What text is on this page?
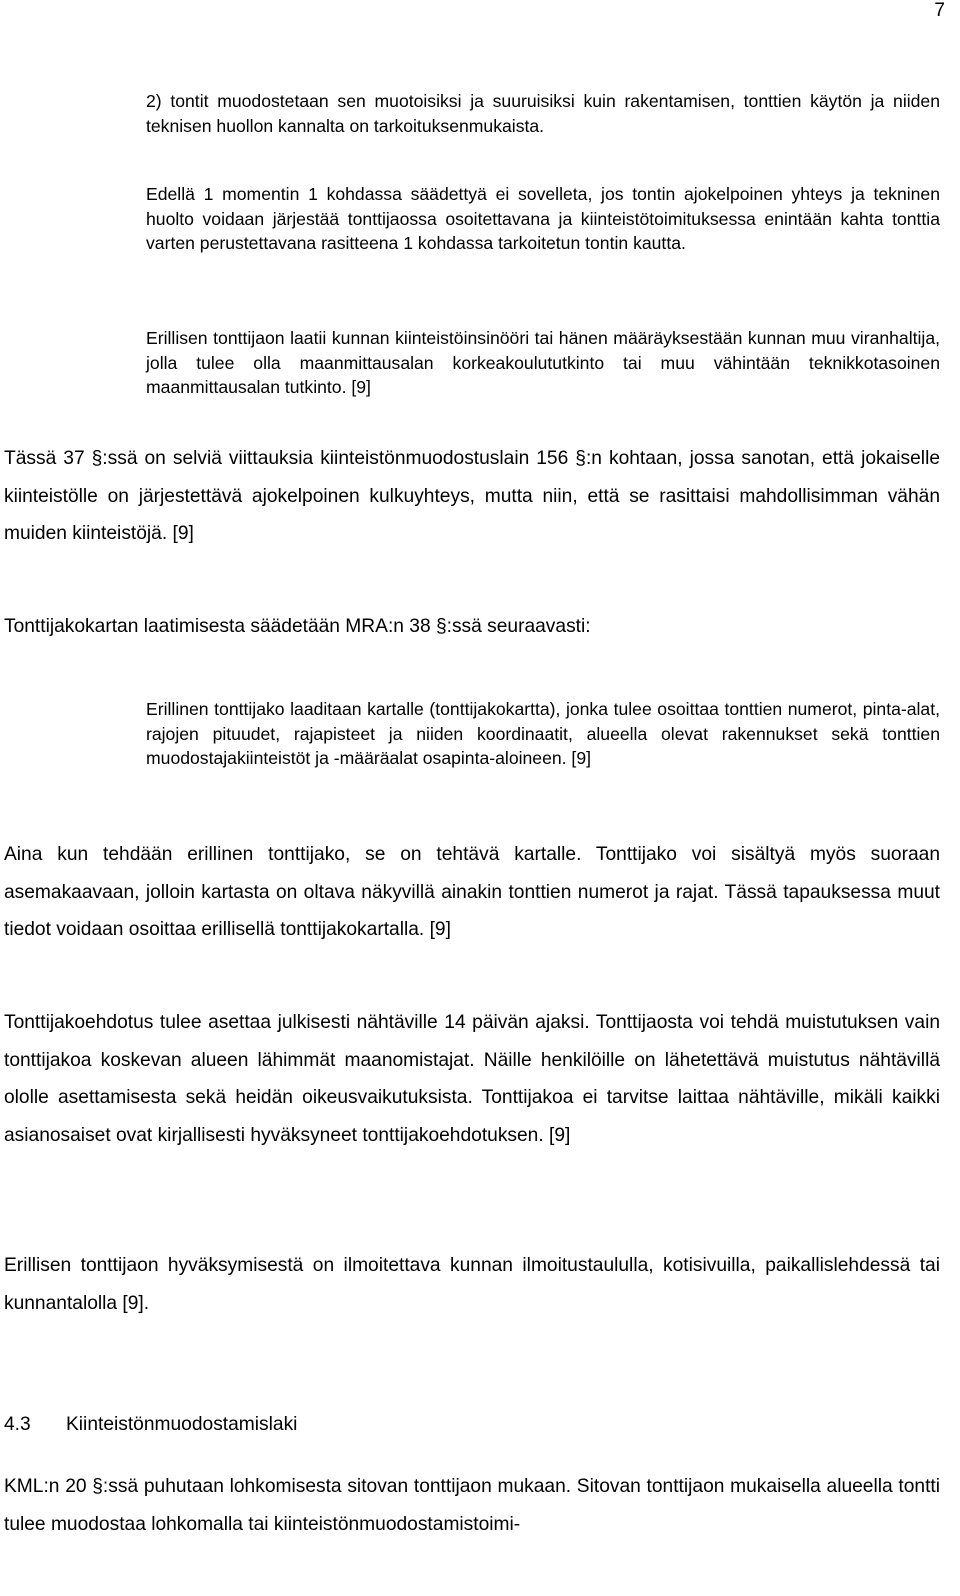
7

2) tontit muodostetaan sen muotoisiksi ja suuruisiksi kuin rakentamisen, tonttien käytön ja niiden teknisen huollon kannalta on tarkoituksenmukaista.

Edellä 1 momentin 1 kohdassa säädettyä ei sovelleta, jos tontin ajokelpoinen yhteys ja tekninen huolto voidaan järjestää tonttijaossa osoitettavana ja kiinteistötoimituksessa enintään kahta tonttia varten perustettavana rasitteena 1 kohdassa tarkoitetun tontin kautta.

Erillisen tonttijaon laatii kunnan kiinteistöinsinööri tai hänen määräyksestään kunnan muu viranhaltija, jolla tulee olla maanmittausalan korkeakoulututkinto tai muu vähintään teknikkotasoinen maanmittausalan tutkinto. [9]

Tässä 37 §:ssä on selviä viittauksia kiinteistönmuodostuslain 156 §:n kohtaan, jossa sanotan, että jokaiselle kiinteistölle on järjestettävä ajokelpoinen kulkuyhteys, mutta niin, että se rasittaisi mahdollisimman vähän muiden kiinteistöjä. [9]

Tonttijakokartan laatimisesta säädetään MRA:n 38 §:ssä seuraavasti:

Erillinen tonttijako laaditaan kartalle (tonttijakokartta), jonka tulee osoittaa tonttien numerot, pinta-alat, rajojen pituudet, rajapisteet ja niiden koordinaatit, alueella olevat rakennukset sekä tonttien muodostajakiinteistöt ja -määräalat osapinta-aloineen. [9]

Aina kun tehdään erillinen tonttijako, se on tehtävä kartalle. Tonttijako voi sisältyä myös suoraan asemakaavaan, jolloin kartasta on oltava näkyvillä ainakin tonttien numerot ja rajat. Tässä tapauksessa muut tiedot voidaan osoittaa erillisellä tonttijakokartalla. [9]

Tonttijakoehdotus tulee asettaa julkisesti nähtäville 14 päivän ajaksi. Tonttijaosta voi tehdä muistutuksen vain tonttijakoa koskevan alueen lähimmät maanomistajat. Näille henkilöille on lähetettävä muistutus nähtävillä ololle asettamisesta sekä heidän oikeusvaikutuksista. Tonttijakoa ei tarvitse laittaa nähtäville, mikäli kaikki asianosaiset ovat kirjallisesti hyväksyneet tonttijakoehdotuksen. [9]

Erillisen tonttijaon hyväksymisestä on ilmoitettava kunnan ilmoitustaululla, kotisivuilla, paikallislehdessä tai kunnantalolla [9].

4.3 Kiinteistönmuodostamislaki

KML:n 20 §:ssä puhutaan lohkomisesta sitovan tonttijaon mukaan. Sitovan tonttijaon mukaisella alueella tontti tulee muodostaa lohkomalla tai kiinteistönmuodostamistoimi-
